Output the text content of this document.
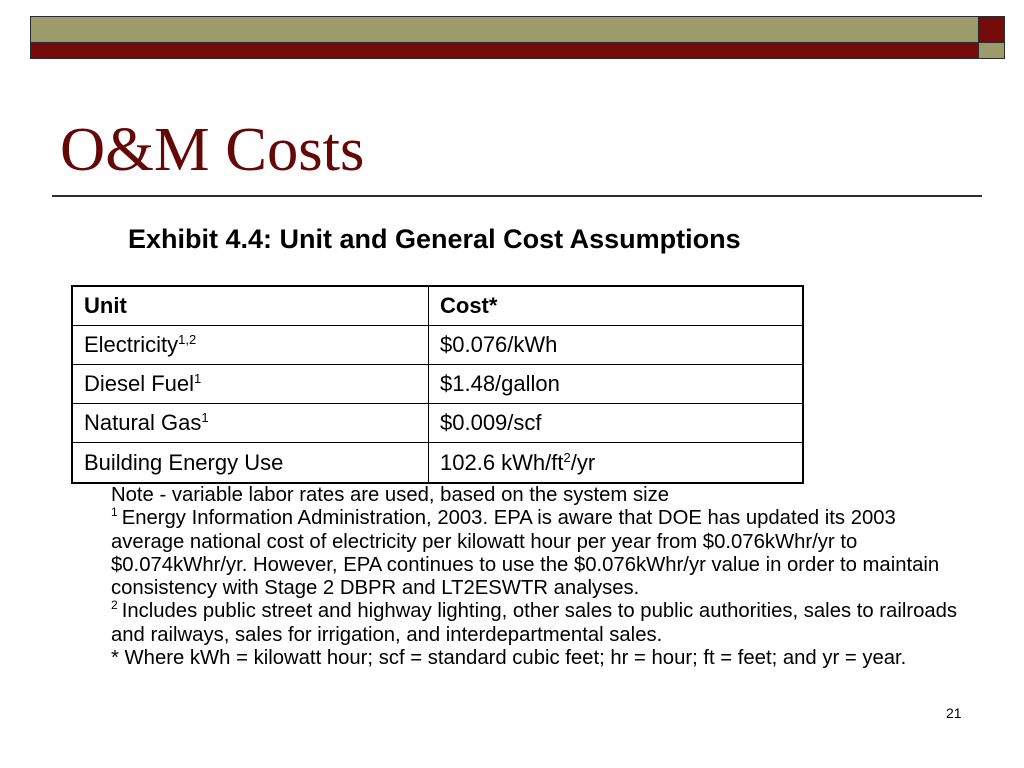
O&M Costs
Exhibit 4.4: Unit and General Cost Assumptions
Unit	Cost*
Electricity$^{1,2}$	$0.076/kWh
Diesel Fuel$^1$	$1.48/gallon
Natural Gas$^1$	$0.009/scf
Building Energy Use	102.6 kWh/$ft^2/yr$
Note - variable labor rates are used, based on the system size
$^1$ Energy Information Administration, 2003. EPA is aware that DOE has updated its 2003
average national cost of electricity per kilowatt hour per year from $0.076kWhr/yr to
$0.074kWhr/yr. However, EPA continues to use the $0.076kWhr/yr value in order to maintain
consistency with Stage 2 DBPR and LT2ESWTR analyses.
$^2$ Includes public street and highway lighting, other sales to public authorities, sales to railroads
and railways, sales for irrigation, and interdepartmental sales.
* Where kWh = kilowatt hour; scf = standard cubic feet; hr = hour; ft = feet; and yr = year.
21
